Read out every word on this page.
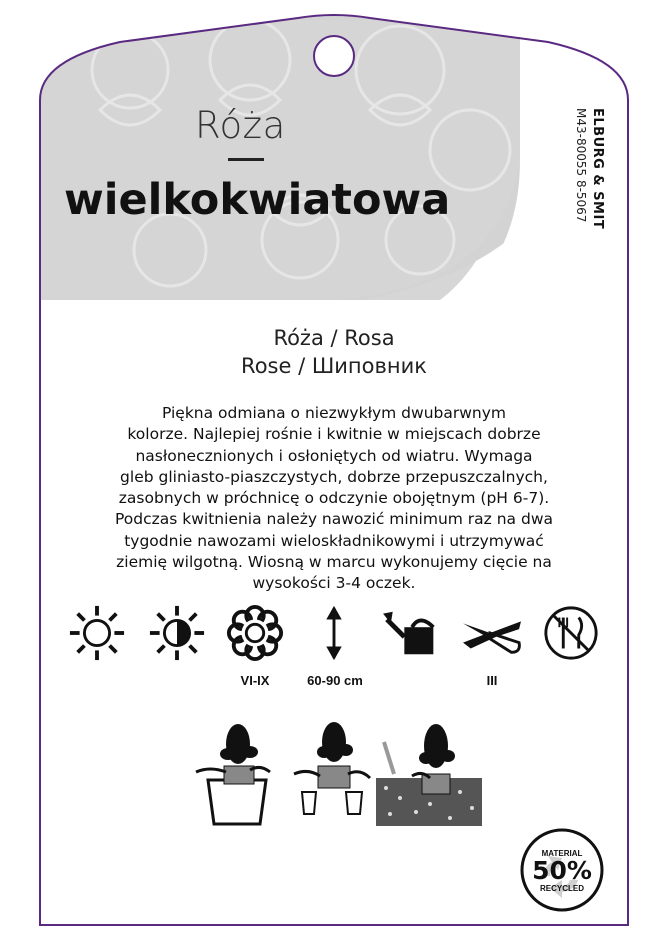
Róża
wielkokwiatowa	ELBURG & SMIT
M43-80055 8-5067
Róża / Rosa
Rose / Шиповник
Piękna odmiana o niezwykłym dwubarwnym
kolorze. Najlepiej rośnie i kwitnie w miejscach dobrze
nasłonecznionych i osłoniętych od wiatru. Wymaga
gleb gliniasto-piaszczystych, dobrze przepuszczalnych,
zasobnych w próchnicę o odczynie obojętnym (pH 6-7).
Podczas kwitnienia należy nawozić minimum raz na dwa
tygodnie nawozami wieloskładnikowymi i utrzymywać
ziemię wilgotną. Wiosną w marcu wykonujemy cięcie na
wysokości 3-4 oczek.
VI-IX	60-90 cm	III
MATERIAL
50%
RECYCLED
